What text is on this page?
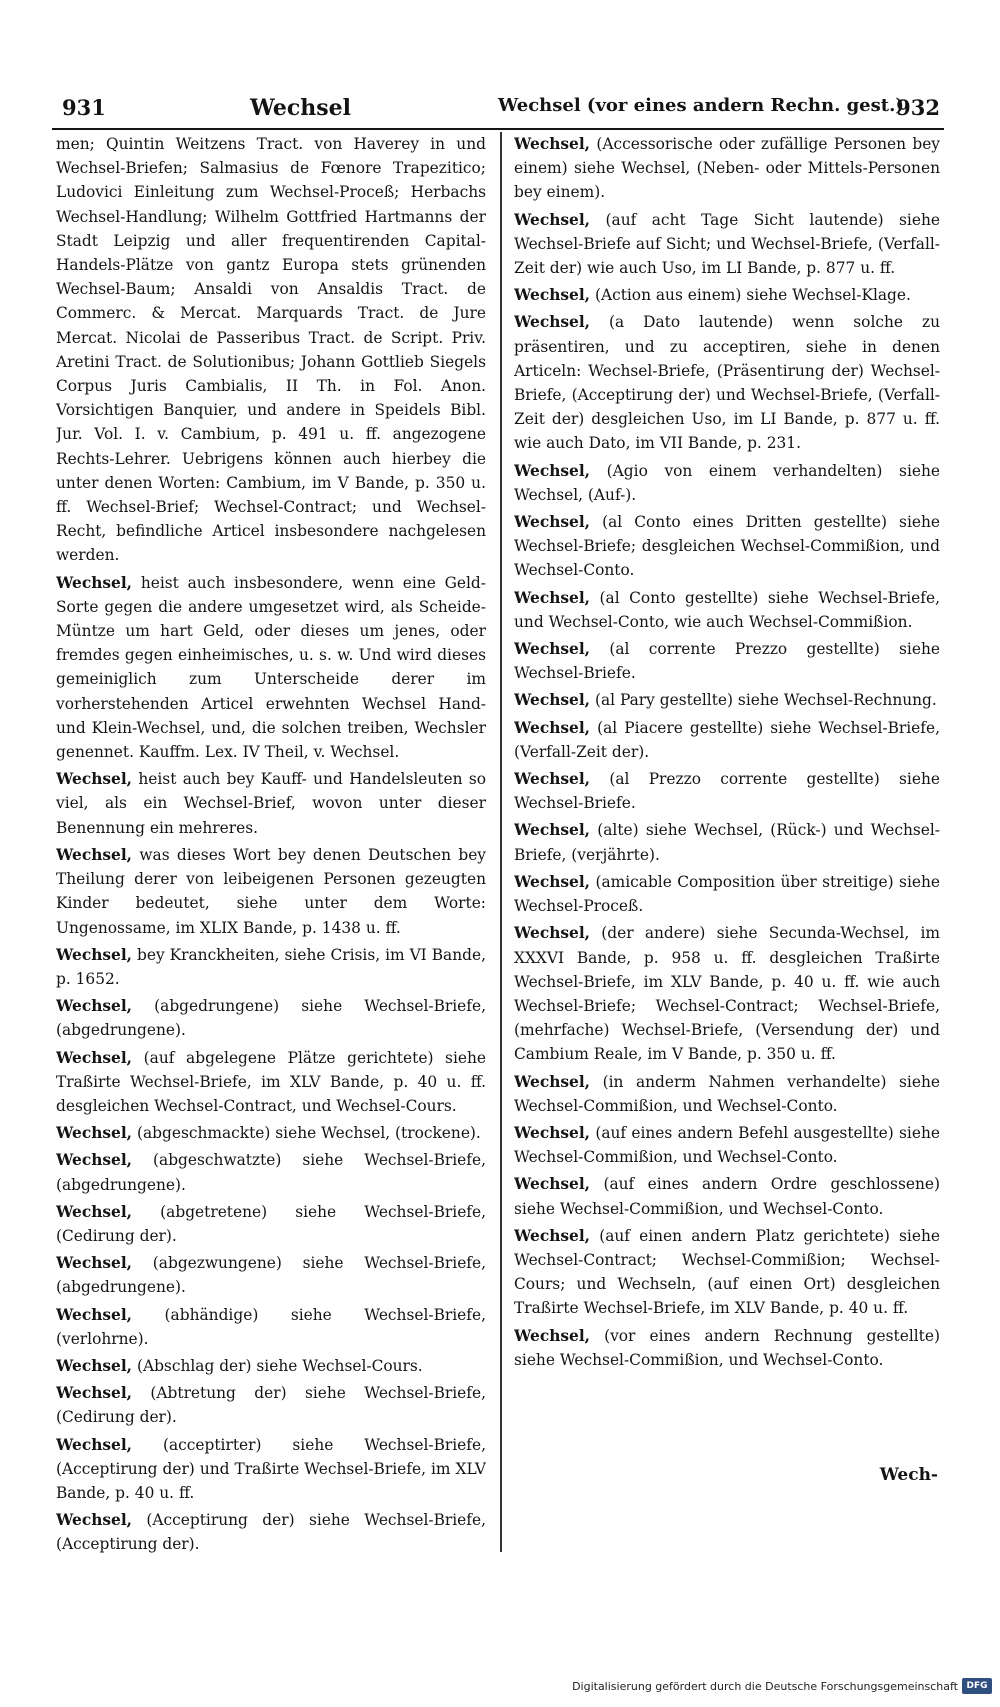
931	Wechsel	Wechsel (vor eines andern Rechn. gest.)
932

men; Quintin Weitzens Tract. von Haverey in und Wechsel-Briefen; Salmasius de Fœnore Trapezitico; Ludovici Einleitung zum Wechsel-Proceß; Herbachs Wechsel-Handlung; Wilhelm Gottfried Hartmanns der Stadt Leipzig und aller frequentirenden Capital-Handels-Plätze von gantz Europa stets grünenden Wechsel-Baum; Ansaldi von Ansaldis Tract. de Commerc. & Mercat. Marquards Tract. de Jure Mercat. Nicolai de Passeribus Tract. de Script. Priv. Aretini Tract. de Solutionibus; Johann Gottlieb Siegels Corpus Juris Cambialis, II Th. in Fol. Anon. Vorsichtigen Banquier, und andere in Speidels Bibl. Jur. Vol. I. v. Cambium, p. 491 u. ff. angezogene Rechts-Lehrer. Uebrigens können auch hierbey die unter denen Worten: Cambium, im V Bande, p. 350 u. ff. Wechsel-Brief; Wechsel-Contract; und Wechsel-Recht, befindliche Articel insbesondere nachgelesen werden.

Wechsel, heist auch insbesondere, wenn eine Geld-Sorte gegen die andere umgesetzet wird, als Scheide-Müntze um hart Geld, oder dieses um jenes, oder fremdes gegen einheimisches, u. s. w. Und wird dieses gemeiniglich zum Unterscheide derer im vorherstehenden Articel erwehnten Wechsel Hand- und Klein-Wechsel, und, die solchen treiben, Wechsler genennet. Kauffm. Lex. IV Theil, v. Wechsel.

Wechsel, heist auch bey Kauff- und Handelsleuten so viel, als ein Wechsel-Brief, wovon unter dieser Benennung ein mehreres.

Wechsel, was dieses Wort bey denen Deutschen bey Theilung derer von leibeigenen Personen gezeugten Kinder bedeutet, siehe unter dem Worte: Ungenossame, im XLIX Bande, p. 1438 u. ff.

Wechsel, bey Kranckheiten, siehe Crisis, im VI Bande, p. 1652.

Wechsel, (abgedrungene) siehe Wechsel-Briefe, (abgedrungene).

Wechsel, (auf abgelegene Plätze gerichtete) siehe Traßirte Wechsel-Briefe, im XLV Bande, p. 40 u. ff. desgleichen Wechsel-Contract, und Wechsel-Cours.

Wechsel, (abgeschmackte) siehe Wechsel, (trockene).

Wechsel, (abgeschwatzte) siehe Wechsel-Briefe, (abgedrungene).

Wechsel, (abgetretene) siehe Wechsel-Briefe, (Cedirung der).

Wechsel, (abgezwungene) siehe Wechsel-Briefe, (abgedrungene).

Wechsel, (abhändige) siehe Wechsel-Briefe, (verlohrne).

Wechsel, (Abschlag der) siehe Wechsel-Cours.

Wechsel, (Abtretung der) siehe Wechsel-Briefe, (Cedirung der).

Wechsel, (acceptirter) siehe Wechsel-Briefe, (Acceptirung der) und Traßirte Wechsel-Briefe, im XLV Bande, p. 40 u. ff.

Wechsel, (Acceptirung der) siehe Wechsel-Briefe, (Acceptirung der).

Wechsel, (Accessorische oder zufällige Personen bey einem) siehe Wechsel, (Neben- oder Mittels-Personen bey einem).

Wechsel, (auf acht Tage Sicht lautende) siehe Wechsel-Briefe auf Sicht; und Wechsel-Briefe, (Verfall-Zeit der) wie auch Uso, im LI Bande, p. 877 u. ff.

Wechsel, (Action aus einem) siehe Wechsel-Klage.

Wechsel, (a Dato lautende) wenn solche zu präsentiren, und zu acceptiren, siehe in denen Articeln: Wechsel-Briefe, (Präsentirung der) Wechsel-Briefe, (Acceptirung der) und Wechsel-Briefe, (Verfall-Zeit der) desgleichen Uso, im LI Bande, p. 877 u. ff. wie auch Dato, im VII Bande, p. 231.

Wechsel, (Agio von einem verhandelten) siehe Wechsel, (Auf-).

Wechsel, (al Conto eines Dritten gestellte) siehe Wechsel-Briefe; desgleichen Wechsel-Commißion, und Wechsel-Conto.

Wechsel, (al Conto gestellte) siehe Wechsel-Briefe, und Wechsel-Conto, wie auch Wechsel-Commißion.

Wechsel, (al corrente Prezzo gestellte) siehe Wechsel-Briefe.

Wechsel, (al Pary gestellte) siehe Wechsel-Rechnung.

Wechsel, (al Piacere gestellte) siehe Wechsel-Briefe, (Verfall-Zeit der).

Wechsel, (al Prezzo corrente gestellte) siehe Wechsel-Briefe.

Wechsel, (alte) siehe Wechsel, (Rück-) und Wechsel-Briefe, (verjährte).

Wechsel, (amicable Composition über streitige) siehe Wechsel-Proceß.

Wechsel, (der andere) siehe Secunda-Wechsel, im XXXVI Bande, p. 958 u. ff. desgleichen Traßirte Wechsel-Briefe, im XLV Bande, p. 40 u. ff. wie auch Wechsel-Briefe; Wechsel-Contract; Wechsel-Briefe, (mehrfache) Wechsel-Briefe, (Versendung der) und Cambium Reale, im V Bande, p. 350 u. ff.

Wechsel, (in anderm Nahmen verhandelte) siehe Wechsel-Commißion, und Wechsel-Conto.

Wechsel, (auf eines andern Befehl ausgestellte) siehe Wechsel-Commißion, und Wechsel-Conto.

Wechsel, (auf eines andern Ordre geschlossene) siehe Wechsel-Commißion, und Wechsel-Conto.

Wechsel, (auf einen andern Platz gerichtete) siehe Wechsel-Contract; Wechsel-Commißion; Wechsel-Cours; und Wechseln, (auf einen Ort) desgleichen Traßirte Wechsel-Briefe, im XLV Bande, p. 40 u. ff.

Wechsel, (vor eines andern Rechnung gestellte) siehe Wechsel-Commißion, und Wechsel-Conto.

Wech-
Digitalisierung gefördert durch die Deutsche Forschungsgemeinschaft DFG
